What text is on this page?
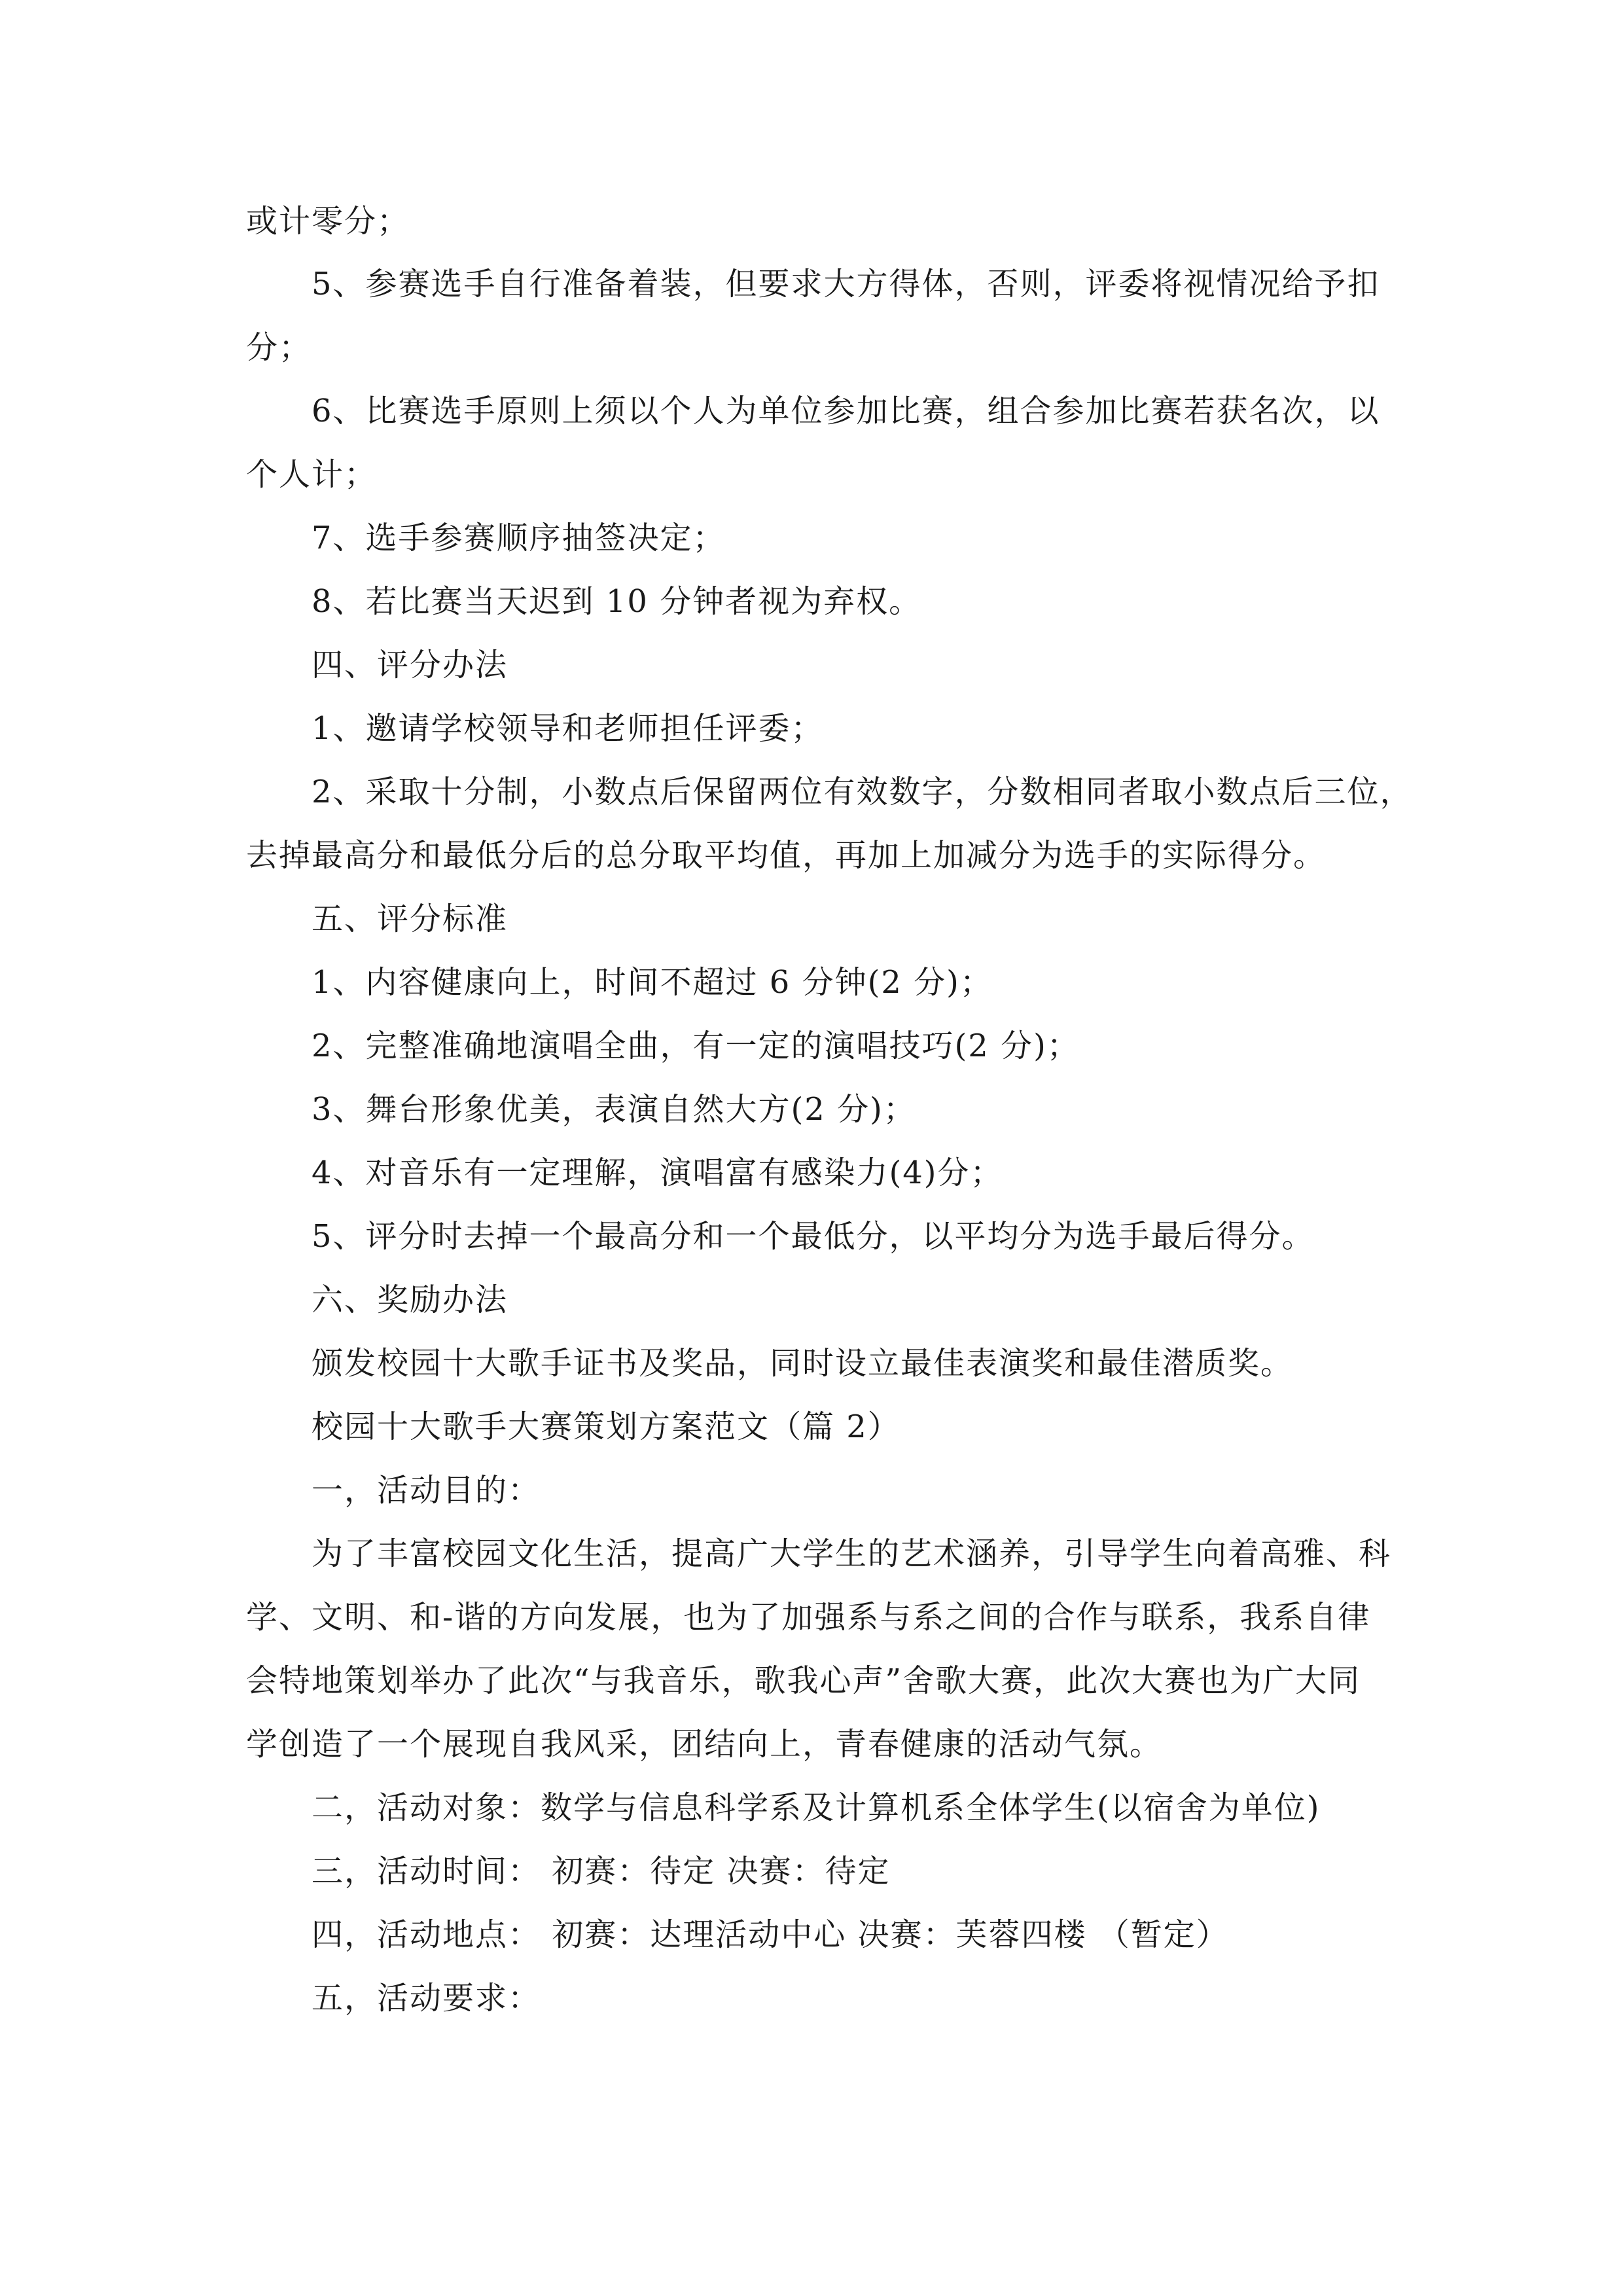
或计零分；
5、参赛选手自行准备着装，但要求大方得体，否则，评委将视情况给予扣
分；
6、比赛选手原则上须以个人为单位参加比赛，组合参加比赛若获名次，以
个人计；
7、选手参赛顺序抽签决定；
8、若比赛当天迟到 10 分钟者视为弃权。
四、评分办法
1、邀请学校领导和老师担任评委；
2、采取十分制，小数点后保留两位有效数字，分数相同者取小数点后三位，
去掉最高分和最低分后的总分取平均值，再加上加减分为选手的实际得分。
五、评分标准
1、内容健康向上，时间不超过 6 分钟(2 分)；
2、完整准确地演唱全曲，有一定的演唱技巧(2 分)；
3、舞台形象优美，表演自然大方(2 分)；
4、对音乐有一定理解，演唱富有感染力(4)分；
5、评分时去掉一个最高分和一个最低分，以平均分为选手最后得分。
六、奖励办法
颁发校园十大歌手证书及奖品，同时设立最佳表演奖和最佳潜质奖。
校园十大歌手大赛策划方案范文（篇 2）
一，活动目的：
为了丰富校园文化生活，提高广大学生的艺术涵养，引导学生向着高雅、科
学、文明、和-谐的方向发展，也为了加强系与系之间的合作与联系，我系自律
会特地策划举办了此次“与我音乐，歌我心声”舍歌大赛，此次大赛也为广大同
学创造了一个展现自我风采，团结向上，青春健康的活动气氛。
二，活动对象：数学与信息科学系及计算机系全体学生(以宿舍为单位)
三，活动时间： 初赛：待定 决赛：待定
四，活动地点： 初赛：达理活动中心 决赛：芙蓉四楼 （暂定）
五，活动要求：
